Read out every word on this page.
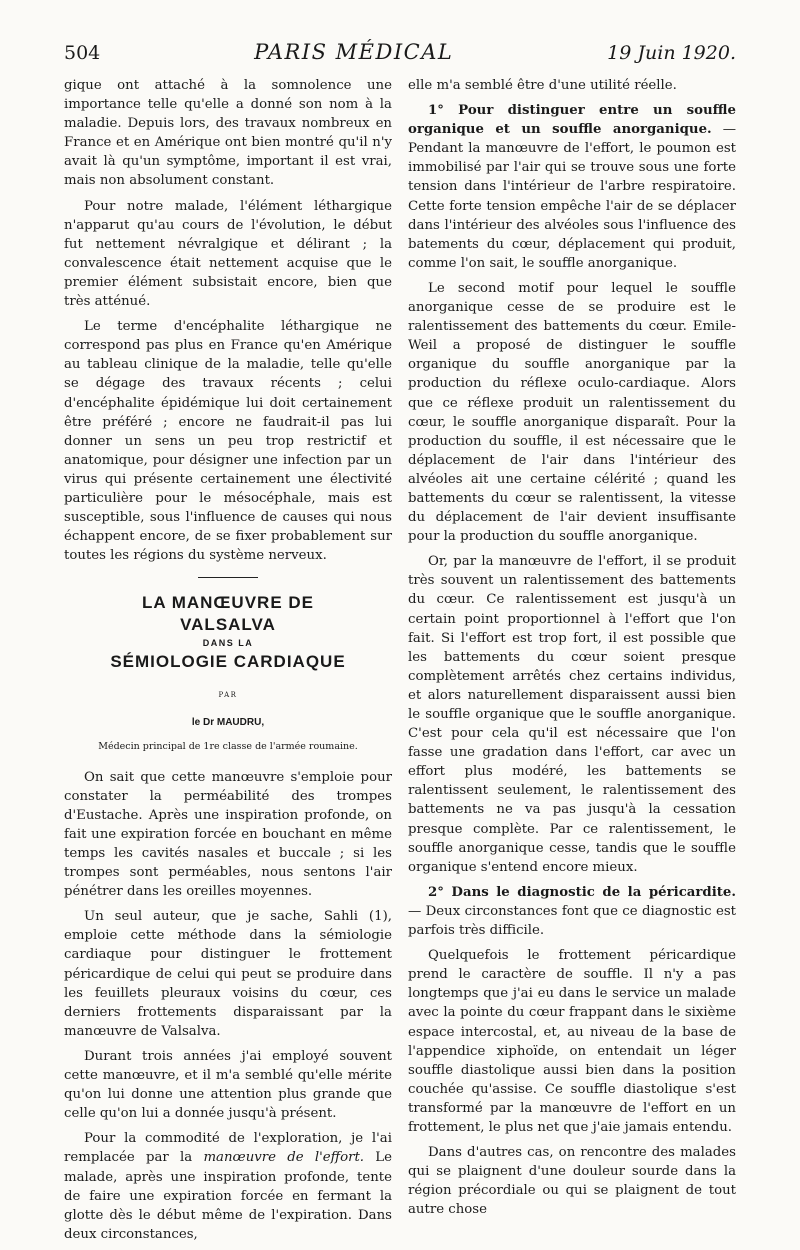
504	PARIS MÉDICAL	19 Juin 1920.

gique ont attaché à la somnolence une importance telle qu'elle a donné son nom à la maladie. Depuis lors, des travaux nombreux en France et en Amérique ont bien montré qu'il n'y avait là qu'un symptôme, important il est vrai, mais non absolument constant.

Pour notre malade, l'élément léthargique n'apparut qu'au cours de l'évolution, le début fut nettement névralgique et délirant ; la convalescence était nettement acquise que le premier élément subsistait encore, bien que très atténué.

Le terme d'encéphalite léthargique ne correspond pas plus en France qu'en Amérique au tableau clinique de la maladie, telle qu'elle se dégage des travaux récents ; celui d'encéphalite épidémique lui doit certainement être préféré ; encore ne faudrait-il pas lui donner un sens un peu trop restrictif et anatomique, pour désigner une infection par un virus qui présente certainement une électivité particulière pour le mésocéphale, mais est susceptible, sous l'influence de causes qui nous échappent encore, de se fixer probablement sur toutes les régions du système nerveux.

LA MANŒUVRE DE
VALSALVA
DANS LA
SÉMIOLOGIE CARDIAQUE
PAR
le Dr MAUDRU,
Médecin principal de 1re classe de l'armée roumaine.

On sait que cette manœuvre s'emploie pour constater la perméabilité des trompes d'Eustache. Après une inspiration profonde, on fait une expiration forcée en bouchant en même temps les cavités nasales et buccale ; si les trompes sont perméables, nous sentons l'air pénétrer dans les oreilles moyennes.

Un seul auteur, que je sache, Sahli (1), emploie cette méthode dans la sémiologie cardiaque pour distinguer le frottement péricardique de celui qui peut se produire dans les feuillets pleuraux voisins du cœur, ces derniers frottements disparaissant par la manœuvre de Valsalva.

Durant trois années j'ai employé souvent cette manœuvre, et il m'a semblé qu'elle mérite qu'on lui donne une attention plus grande que celle qu'on lui a donnée jusqu'à présent.

Pour la commodité de l'exploration, je l'ai remplacée par la manœuvre de l'effort. Le malade, après une inspiration profonde, tente de faire une expiration forcée en fermant la glotte dès le début même de l'expiration. Dans deux circonstances,

elle m'a semblé être d'une utilité réelle.

1° Pour distinguer entre un souffle organique et un souffle anorganique. — Pendant la manœuvre de l'effort, le poumon est immobilisé par l'air qui se trouve sous une forte tension dans l'intérieur de l'arbre respiratoire. Cette forte tension empêche l'air de se déplacer dans l'intérieur des alvéoles sous l'influence des batements du cœur, déplacement qui produit, comme l'on sait, le souffle anorganique.

Le second motif pour lequel le souffle anorganique cesse de se produire est le ralentissement des battements du cœur. Emile-Weil a proposé de distinguer le souffle organique du souffle anorganique par la production du réflexe oculo-cardiaque. Alors que ce réflexe produit un ralentissement du cœur, le souffle anorganique disparaît. Pour la production du souffle, il est nécessaire que le déplacement de l'air dans l'intérieur des alvéoles ait une certaine célérité ; quand les battements du cœur se ralentissent, la vitesse du déplacement de l'air devient insuffisante pour la production du souffle anorganique.

Or, par la manœuvre de l'effort, il se produit très souvent un ralentissement des battements du cœur. Ce ralentissement est jusqu'à un certain point proportionnel à l'effort que l'on fait. Si l'effort est trop fort, il est possible que les battements du cœur soient presque complètement arrêtés chez certains individus, et alors naturellement disparaissent aussi bien le souffle organique que le souffle anorganique. C'est pour cela qu'il est nécessaire que l'on fasse une gradation dans l'effort, car avec un effort plus modéré, les battements se ralentissent seulement, le ralentissement des battements ne va pas jusqu'à la cessation presque complète. Par ce ralentissement, le souffle anorganique cesse, tandis que le souffle organique s'entend encore mieux.

2° Dans le diagnostic de la péricardite. — Deux circonstances font que ce diagnostic est parfois très difficile.

Quelquefois le frottement péricardique prend le caractère de souffle. Il n'y a pas longtemps que j'ai eu dans le service un malade avec la pointe du cœur frappant dans le sixième espace intercostal, et, au niveau de la base de l'appendice xiphoïde, on entendait un léger souffle diastolique aussi bien dans la position couchée qu'assise. Ce souffle diastolique s'est transformé par la manœuvre de l'effort en un frottement, le plus net que j'aie jamais entendu.

Dans d'autres cas, on rencontre des malades qui se plaignent d'une douleur sourde dans la région précordiale ou qui se plaignent de tout autre chose
